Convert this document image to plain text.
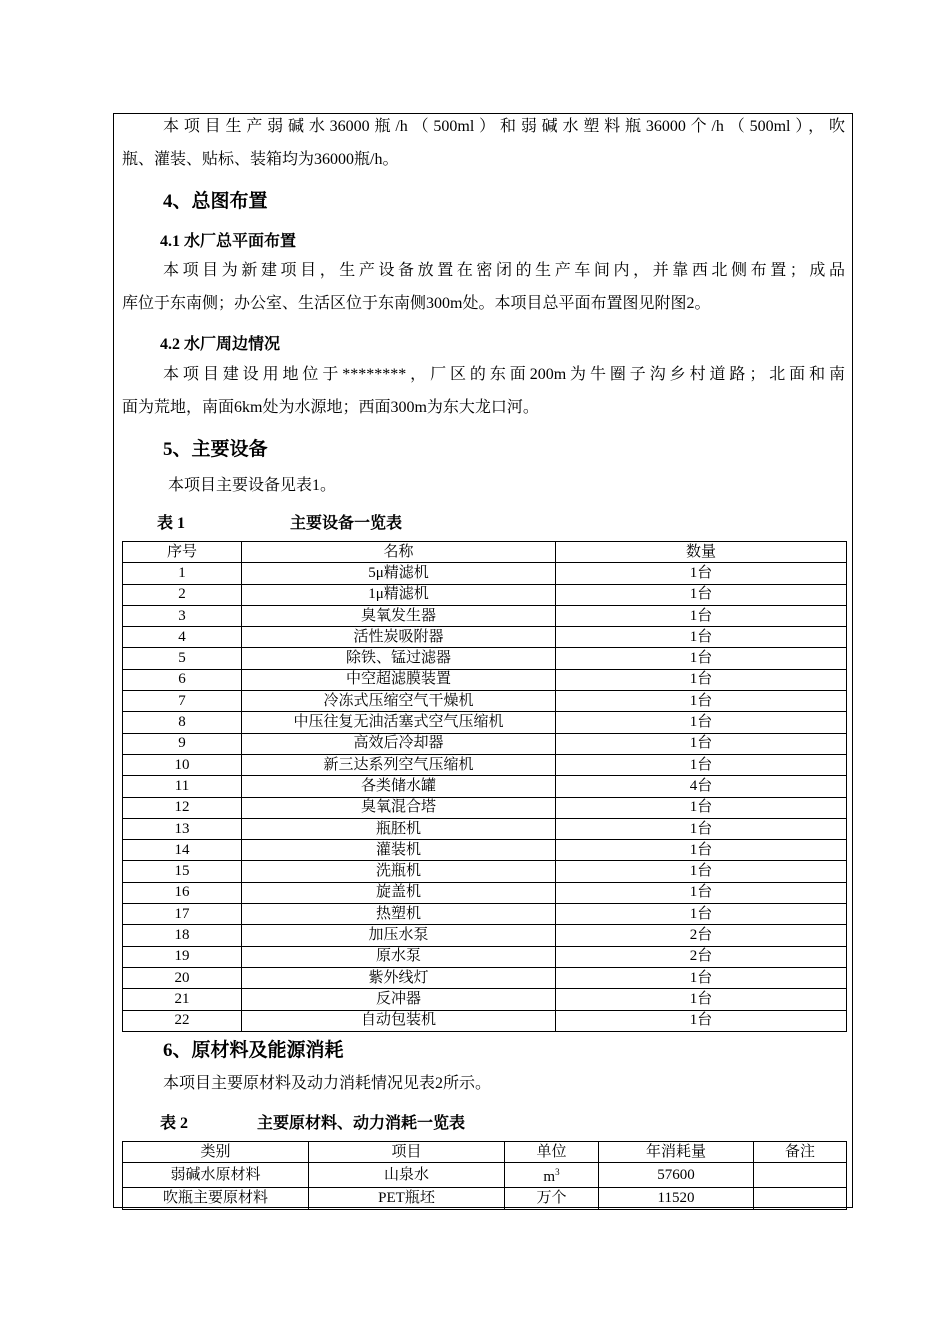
本项目生产弱碱水36000瓶/h（500ml）和弱碱水塑料瓶36000个/h（500ml），吹
瓶、灌装、贴标、装箱均为36000瓶/h。
4、总图布置
4.1 水厂总平面布置
本项目为新建项目，生产设备放置在密闭的生产车间内，并靠西北侧布置；成品
库位于东南侧；办公室、生活区位于东南侧300m处。本项目总平面布置图见附图2。
4.2 水厂周边情况
本项目建设用地位于********，厂区的东面200m为牛圈子沟乡村道路；北面和南
面为荒地，南面6km处为水源地；西面300m为东大龙口河。
5、主要设备
本项目主要设备见表1。
表 1	主要设备一览表
序号	名称	数量
1	5μ精滤机	1台
2	1μ精滤机	1台
3	臭氧发生器	1台
4	活性炭吸附器	1台
5	除铁、锰过滤器	1台
6	中空超滤膜装置	1台
7	冷冻式压缩空气干燥机	1台
8	中压往复无油活塞式空气压缩机	1台
9	高效后冷却器	1台
10	新三达系列空气压缩机	1台
11	各类储水罐	4台
12	臭氧混合塔	1台
13	瓶胚机	1台
14	灌装机	1台
15	洗瓶机	1台
16	旋盖机	1台
17	热塑机	1台
18	加压水泵	2台
19	原水泵	2台
20	紫外线灯	1台
21	反冲器	1台
22	自动包装机	1台
6、原材料及能源消耗
本项目主要原材料及动力消耗情况见表2所示。
表 2	主要原材料、动力消耗一览表
类别	项目	单位	年消耗量	备注
弱碱水原材料	山泉水	$m^3$	57600	
吹瓶主要原材料	PET瓶坯	万个	11520	
